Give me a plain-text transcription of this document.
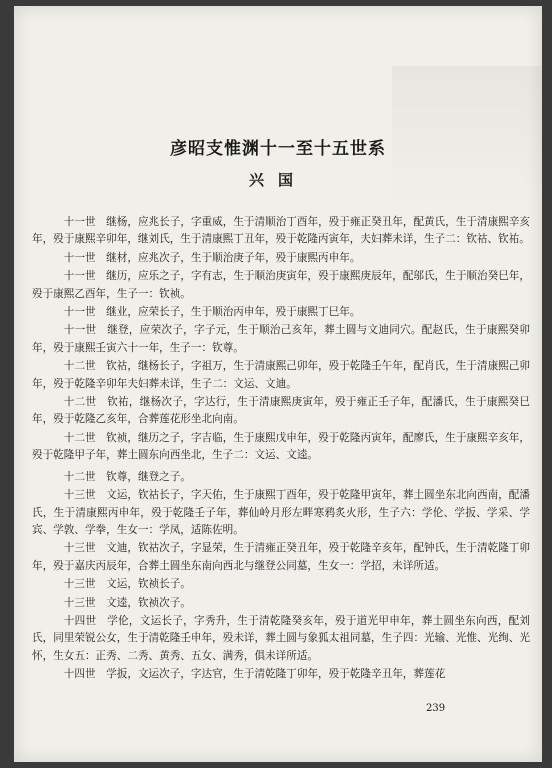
彦昭支惟渊十一至十五世系
兴国

十一世　继杨，应兆长子，字重威，生于清顺治丁酉年，殁于雍正癸丑年，配黄氏，生于清康熙辛亥年，殁于康熙辛卯年，继刘氏，生于清康熙丁丑年，殁于乾隆丙寅年，夫妇葬未详，生子二：钦祜、钦祐。

十一世　继材，应兆次子，生于顺治庚子年，殁于康熙丙申年。

十一世　继历，应乐之子，字有志，生于顺治庚寅年，殁于康熙庚辰年，配邬氏，生于顺治癸巳年，殁于康熙乙酉年，生子一：钦祯。

十一世　继业，应荣长子，生于顺治丙申年，殁于康熙丁巳年。

十一世　继登，应荣次子，字子元，生于顺治己亥年，葬土圆与文迪同穴。配赵氏，生于康熙癸卯年，殁于康熙壬寅六十一年，生子一：钦尊。

十二世　钦祜，继杨长子，字祖万，生于清康熙己卯年，殁于乾隆壬午年，配肖氏，生于清康熙己卯年，殁于乾隆辛卯年夫妇葬未详，生子二：文运、文迪。

十二世　钦祐，继杨次子，字达行，生于清康熙庚寅年，殁于雍正壬子年，配潘氏，生于康熙癸巳年，殁于乾隆乙亥年，合葬莲花形坐北向南。

十二世　钦祯，继历之子，字吉临，生于康熙戊申年，殁于乾隆丙寅年，配廖氏，生于康熙辛亥年，殁于乾隆甲子年，葬土圆东向西坐北，生子二：文运、文逵。

十二世　钦尊，继登之子。

十三世　文运，钦祜长子，字天佑，生于康熙丁酉年，殁于乾隆甲寅年，葬土圆坐东北向西南，配潘氏，生于清康熙丙申年，殁于乾隆壬子年，葬仙岭月形左畔寒鸦炙火形，生子六：学伦、学扳、学采、学宾、学敦、学拳，生女一：学凤，适陈佐明。

十三世　文迪，钦祜次子，字显荣，生于清雍正癸丑年，殁于乾隆辛亥年，配钟氏，生于清乾隆丁卯年，殁于嘉庆丙辰年，合葬土圆坐东南向西北与继登公同墓，生女一：学招，未详所适。

十三世　文运，钦祯长子。

十三世　文逵，钦祯次子。

十四世　学伦，文运长子，字秀升，生于清乾隆癸亥年，殁于道光甲申年，葬土圆坐东向西，配刘氏，同里荣锐公女，生于清乾隆壬申年，殁未详，葬土圆与象狐太祖同墓，生子四：光输、光惟、光绚、光怀，生女五：正秀、二秀、黄秀、五女、满秀，俱未详所适。

十四世　学扳，文运次子，字达官，生于清乾隆丁卯年，殁于乾隆辛丑年，葬莲花

239
